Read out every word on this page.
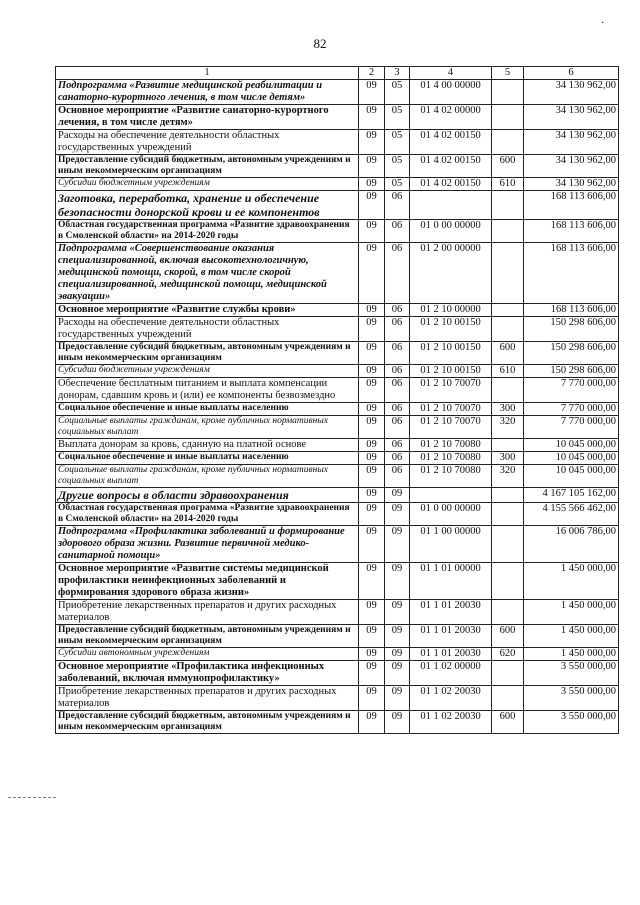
82
·
1	2	3	4	5	6
Подпрограмма «Развитие медицинской реабилитации и санаторно-курортного лечения, в том числе детям»	09	05	01 4 00 00000		34 130 962,00
Основное мероприятие «Развитие санаторно-курортного лечения, в том числе детям»	09	05	01 4 02 00000		34 130 962,00
Расходы на обеспечение деятельности областных государственных учреждений	09	05	01 4 02 00150		34 130 962,00
Предоставление субсидий бюджетным, автономным учреждениям и иным некоммерческим организациям	09	05	01 4 02 00150	600	34 130 962,00
Субсидии бюджетным учреждениям	09	05	01 4 02 00150	610	34 130 962,00
Заготовка, переработка, хранение и обеспечение безопасности донорской крови и ее компонентов	09	06			168 113 606,00
Областная государственная программа «Развитие здравоохранения в Смоленской области» на 2014-2020 годы	09	06	01 0 00 00000		168 113 606,00
Подпрограмма «Совершенствование оказания специализированной, включая высокотехнологичную, медицинской помощи, скорой, в том числе скорой специализированной, медицинской помощи, медицинской эвакуации»	09	06	01 2 00 00000		168 113 606,00
Основное мероприятие «Развитие службы крови»	09	06	01 2 10 00000		168 113 606,00
Расходы на обеспечение деятельности областных государственных учреждений	09	06	01 2 10 00150		150 298 606,00
Предоставление субсидий бюджетным, автономным учреждениям и иным некоммерческим организациям	09	06	01 2 10 00150	600	150 298 606,00
Субсидии бюджетным учреждениям	09	06	01 2 10 00150	610	150 298 606,00
Обеспечение бесплатным питанием и выплата компенсации донорам, сдавшим кровь и (или) ее компоненты безвозмездно	09	06	01 2 10 70070		7 770 000,00
Социальное обеспечение и иные выплаты населению	09	06	01 2 10 70070	300	7 770 000,00
Социальные выплаты гражданам, кроме публичных нормативных социальных выплат	09	06	01 2 10 70070	320	7 770 000,00
Выплата донорам за кровь, сданную на платной основе	09	06	01 2 10 70080		10 045 000,00
Социальное обеспечение и иные выплаты населению	09	06	01 2 10 70080	300	10 045 000,00
Социальные выплаты гражданам, кроме публичных нормативных социальных выплат	09	06	01 2 10 70080	320	10 045 000,00
Другие вопросы в области здравоохранения	09	09			4 167 105 162,00
Областная государственная программа «Развитие здравоохранения в Смоленской области» на 2014-2020 годы	09	09	01 0 00 00000		4 155 566 462,00
Подпрограмма «Профилактика заболеваний и формирование здорового образа жизни. Развитие первичной медико-санитарной помощи»	09	09	01 1 00 00000		16 006 786,00
Основное мероприятие «Развитие системы медицинской профилактики неинфекционных заболеваний и формирования здорового образа жизни»	09	09	01 1 01 00000		1 450 000,00
Приобретение лекарственных препаратов и других расходных материалов	09	09	01 1 01 20030		1 450 000,00
Предоставление субсидий бюджетным, автономным учреждениям и иным некоммерческим организациям	09	09	01 1 01 20030	600	1 450 000,00
Субсидии автономным учреждениям	09	09	01 1 01 20030	620	1 450 000,00
Основное мероприятие «Профилактика инфекционных заболеваний, включая иммунопрофилактику»	09	09	01 1 02 00000		3 550 000,00
Приобретение лекарственных препаратов и других расходных материалов	09	09	01 1 02 20030		3 550 000,00
Предоставление субсидий бюджетным, автономным учреждениям и иным некоммерческим организациям	09	09	01 1 02 20030	600	3 550 000,00
